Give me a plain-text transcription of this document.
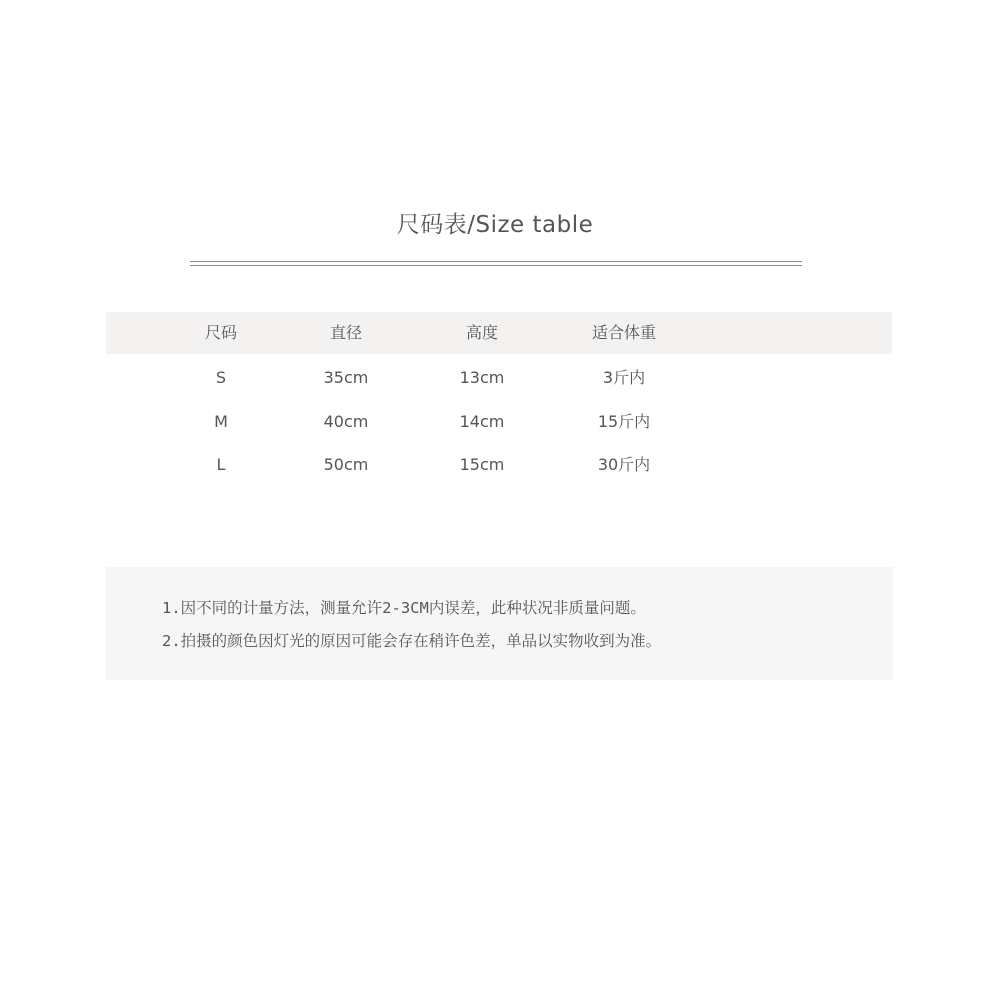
尺码表/Size table
尺码	直径	高度	适合体重
S	35cm	13cm	3斤内
M	40cm	14cm	15斤内
L	50cm	15cm	30斤内
1.因不同的计量方法，测量允许2-3CM内误差，此种状况非质量问题。
2.拍摄的颜色因灯光的原因可能会存在稍许色差，单品以实物收到为准。
